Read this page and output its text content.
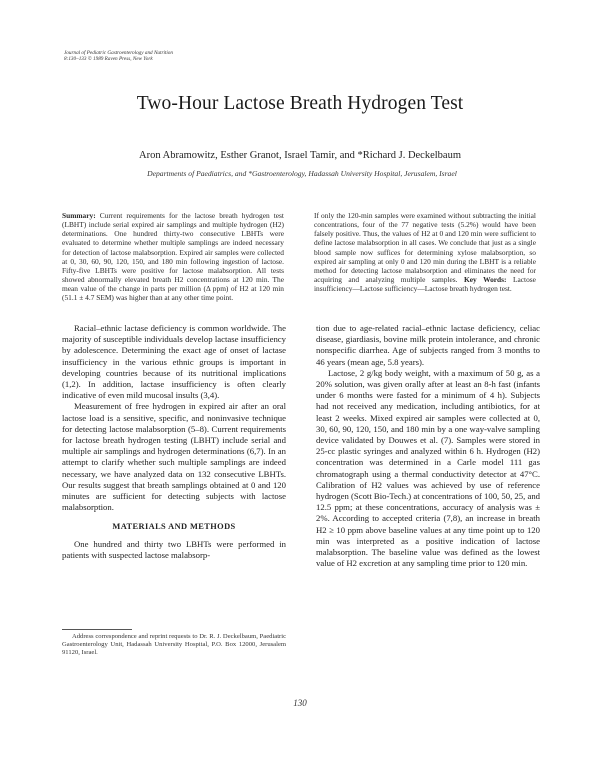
Journal of Pediatric Gastroenterology and Nutrition
8:130–133 © 1989 Raven Press, New York
Two-Hour Lactose Breath Hydrogen Test
Aron Abramowitz, Esther Granot, Israel Tamir, and *Richard J. Deckelbaum
Departments of Paediatrics, and *Gastroenterology, Hadassah University Hospital, Jerusalem, Israel
Summary: Current requirements for the lactose breath hydrogen test (LBHT) include serial expired air samplings and multiple hydrogen (H2) determinations. One hundred thirty-two consecutive LBHTs were evaluated to determine whether multiple samplings are indeed necessary for detection of lactose malabsorption. Expired air samples were collected at 0, 30, 60, 90, 120, 150, and 180 min following ingestion of lactose. Fifty-five LBHTs were positive for lactose malabsorption. All tests showed abnormally elevated breath H2 concentrations at 120 min. The mean value of the change in parts per million (Δ ppm) of H2 at 120 min (51.1 ± 4.7 SEM) was higher than at any other time point.
If only the 120-min samples were examined without subtracting the initial concentrations, four of the 77 negative tests (5.2%) would have been falsely positive. Thus, the values of H2 at 0 and 120 min were sufficient to define lactose malabsorption in all cases. We conclude that just as a single blood sample now suffices for determining xylose malabsorption, so expired air sampling at only 0 and 120 min during the LBHT is a reliable method for detecting lactose malabsorption and eliminates the need for acquiring and analyzing multiple samples. Key Words: Lactose insufficiency—Lactose sufficiency—Lactose breath hydrogen test.

Racial–ethnic lactase deficiency is common worldwide. The majority of susceptible individuals develop lactase insufficiency by adolescence. Determining the exact age of onset of lactase insufficiency in the various ethnic groups is important in developing countries because of its nutritional implications (1,2). In addition, lactase insufficiency is often clearly indicative of even mild mucosal insults (3,4).

Measurement of free hydrogen in expired air after an oral lactose load is a sensitive, specific, and noninvasive technique for detecting lactose malabsorption (5–8). Current requirements for lactose breath hydrogen testing (LBHT) include serial and multiple air samplings and hydrogen determinations (6,7). In an attempt to clarify whether such multiple samplings are indeed necessary, we have analyzed data on 132 consecutive LBHTs. Our results suggest that breath samplings obtained at 0 and 120 minutes are sufficient for detecting subjects with lactose malabsorption.

MATERIALS AND METHODS

One hundred and thirty two LBHTs were performed in patients with suspected lactose malabsorp-

tion due to age-related racial–ethnic lactase deficiency, celiac disease, giardiasis, bovine milk protein intolerance, and chronic nonspecific diarrhea. Age of subjects ranged from 3 months to 46 years (mean age, 5.8 years).

Lactose, 2 g/kg body weight, with a maximum of 50 g, as a 20% solution, was given orally after at least an 8-h fast (infants under 6 months were fasted for a minimum of 4 h). Subjects had not received any medication, including antibiotics, for at least 2 weeks. Mixed expired air samples were collected at 0, 30, 60, 90, 120, 150, and 180 min by a one way-valve sampling device validated by Douwes et al. (7). Samples were stored in 25-cc plastic syringes and analyzed within 6 h. Hydrogen (H2) concentration was determined in a Carle model 111 gas chromatograph using a thermal conductivity detector at 47°C. Calibration of H2 values was achieved by use of reference hydrogen (Scott Bio-Tech.) at concentrations of 100, 50, 25, and 12.5 ppm; at these concentrations, accuracy of analysis was ± 2%. According to accepted criteria (7,8), an increase in breath H2 ≥ 10 ppm above baseline values at any time point up to 120 min was interpreted as a positive indication of lactose malabsorption. The baseline value was defined as the lowest value of H2 excretion at any sampling time prior to 120 min.

Address correspondence and reprint requests to Dr. R. J. Deckelbaum, Paediatric Gastroenterology Unit, Hadassah University Hospital, P.O. Box 12000, Jerusalem 91120, Israel.

130
